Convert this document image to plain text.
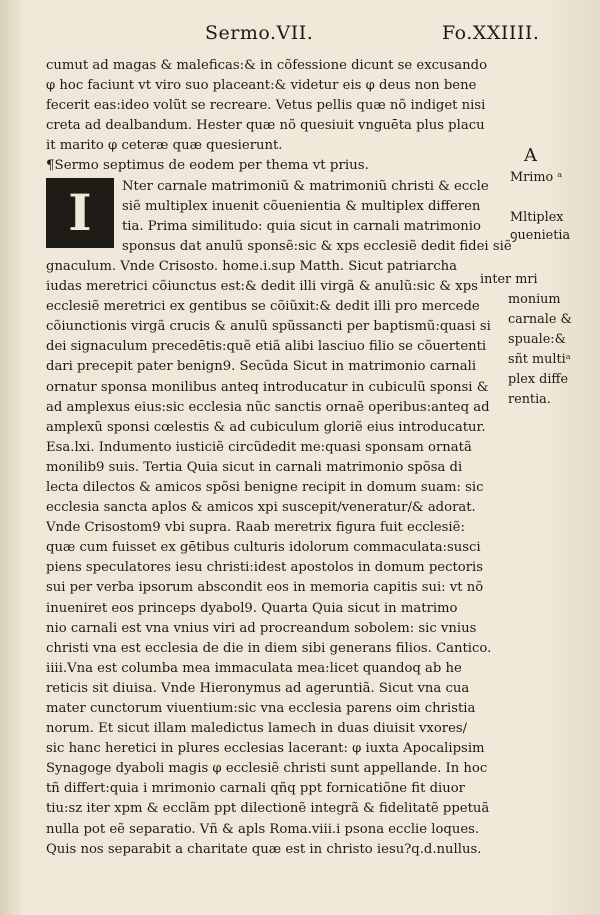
Sermo.VII.	Fo.XXIIII.
I
cumut ad magas & maleficas:& in cõfessione dicunt se excusando
φ hoc faciunt vt viro suo placeant:& videtur eis φ deus non bene
fecerit eas:ideo volũt se recreare. Vetus pellis quæ nõ indiget nisi
creta ad dealbandum. Hester quæ nõ quesiuit vnguēta plus placu
it marito φ ceteræ quæ quesierunt.
¶Sermo septimus de eodem per thema vt prius.
Nter carnale matrimoniũ & matrimoniũ christi & eccle
siẽ multiplex inuenit cõuenientia & multiplex differen
tia. Prima similitudo: quia sicut in carnali matrimonio
sponsus dat anulũ sponsẽ:sic & xps ecclesiẽ dedit fidei siẽ
gnaculum. Vnde Crisosto. home.i.sup Matth. Sicut patriarcha
iudas meretrici cõiunctus est:& dedit illi virgã & anulũ:sic & xps
ecclesiẽ meretrici ex gentibus se cõiũxit:& dedit illi pro mercede
cõiunctionis virgã crucis & anulũ spũssancti per baptismũ:quasi si
dei signaculum precedētis:quẽ etiã alibi lasciuo filio se cõuertenti
dari precepit pater benign9. Secũda Sicut in matrimonio carnali
ornatur sponsa monilibus anteq introducatur in cubiculũ sponsi &
ad amplexus eius:sic ecclesia nũc sanctis ornaẽ operibus:anteq ad
amplexũ sponsi cœlestis & ad cubiculum gloriẽ eius introducatur.
Esa.lxi. Indumento iusticiẽ circũdedit me:quasi sponsam ornatã
monilib9 suis. Tertia Quia sicut in carnali matrimonio spõsa di
lecta dilectos & amicos spõsi benigne recipit in domum suam: sic
ecclesia sancta aplos & amicos xpi suscepit/veneratur/& adorat.
Vnde Crisostom9 vbi supra. Raab meretrix figura fuit ecclesiẽ:
quæ cum fuisset ex gētibus culturis idolorum commaculata:susci
piens speculatores iesu christi:idest apostolos in domum pectoris
sui per verba ipsorum abscondit eos in memoria capitis sui: vt nõ
inueniret eos princeps dyabol9. Quarta Quia sicut in matrimo
nio carnali est vna vnius viri ad procreandum sobolem: sic vnius
christi vna est ecclesia de die in diem sibi generans filios. Cantico.
iiii.Vna est columba mea immaculata mea:licet quandoq ab he
reticis sit diuisa. Vnde Hieronymus ad ageruntiã. Sicut vna cua
mater cunctorum viuentium:sic vna ecclesia parens oim christia
norum. Et sicut illam maledictus lamech in duas diuisit vxores/
sic hanc heretici in plures ecclesias lacerant: φ iuxta Apocalipsim
Synagoge dyaboli magis φ ecclesiẽ christi sunt appellande. In hoc
tñ differt:quia i mrimonio carnali qñq ppt fornicatiõne fit diuor
tiu:sz iter xpm & ecclãm ppt dilectionẽ integrã & fidelitatẽ ppetuã
nulla pot eẽ separatio. Vñ & apls Roma.viii.i psona ecclie loques.
Quis nos separabit a charitate quæ est in christo iesu?q.d.nullus.
A
Mrimo ᵃ
Mltiplex
ꝯuenietia
inter mri
monium
carnale &
spuale:&
sñt multiᵃ
plex diffe
rentia.
